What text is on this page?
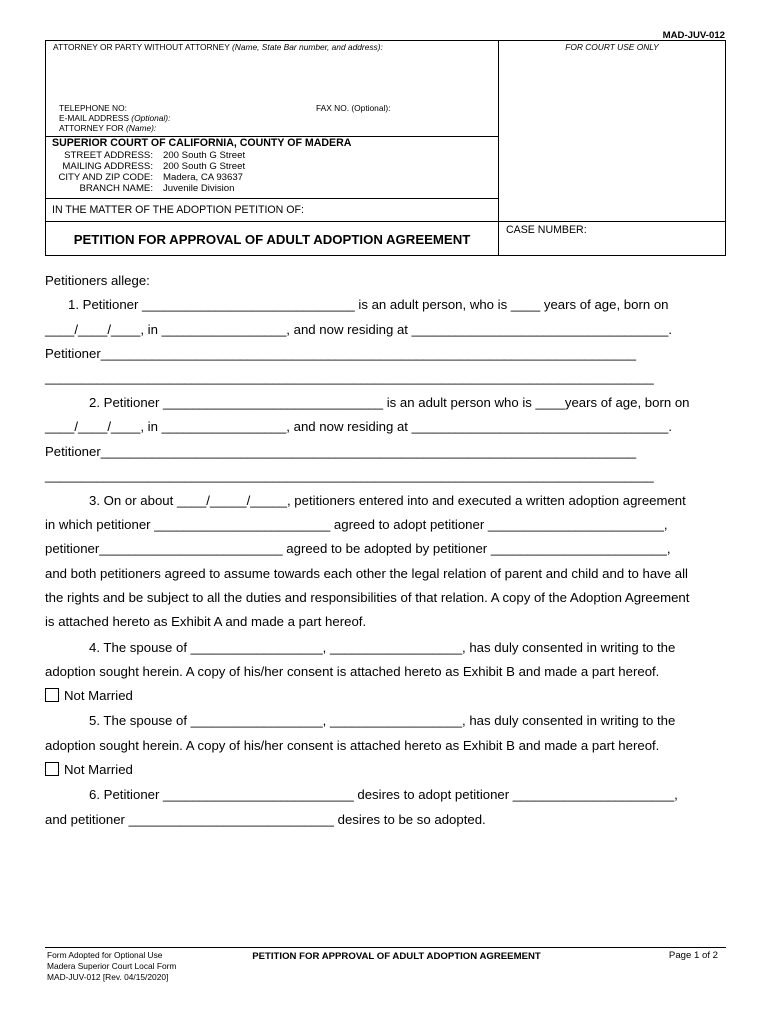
MAD-JUV-012
ATTORNEY OR PARTY WITHOUT ATTORNEY (Name, State Bar number, and address):	FOR COURT USE ONLY
TELEPHONE NO:	FAX NO. (Optional):
E-MAIL ADDRESS (Optional):
ATTORNEY FOR (Name):
SUPERIOR COURT OF CALIFORNIA, COUNTY OF MADERA
STREET ADDRESS: 200 South G Street
MAILING ADDRESS: 200 South G Street
CITY AND ZIP CODE: Madera, CA 93637
BRANCH NAME: Juvenile Division
IN THE MATTER OF THE ADOPTION PETITION OF:
PETITION FOR APPROVAL OF ADULT ADOPTION AGREEMENT
CASE NUMBER:
Petitioners allege:
1. Petitioner _____________________________ is an adult person, who is ____ years of age, born on
____/____/____, in _________________, and now residing at ___________________________________.
Petitioner_________________________________________________________________________
___________________________________________________________________________________
2. Petitioner ______________________________ is an adult person who is ____years of age, born on
____/____/____, in _________________, and now residing at ___________________________________.
Petitioner_________________________________________________________________________
___________________________________________________________________________________
3. On or about ____/_____/_____, petitioners entered into and executed a written adoption agreement
in which petitioner ________________________ agreed to adopt petitioner ________________________,
petitioner_________________________ agreed to be adopted by petitioner ________________________,
and both petitioners agreed to assume towards each other the legal relation of parent and child and to have all
the rights and be subject to all the duties and responsibilities of that relation. A copy of the Adoption Agreement
is attached hereto as Exhibit A and made a part hereof.
4. The spouse of __________________, __________________, has duly consented in writing to the
adoption sought herein. A copy of his/her consent is attached hereto as Exhibit B and made a part hereof.
Not Married
5. The spouse of __________________, __________________, has duly consented in writing to the
adoption sought herein. A copy of his/her consent is attached hereto as Exhibit B and made a part hereof.
Not Married
6. Petitioner __________________________ desires to adopt petitioner ______________________,
and petitioner ____________________________ desires to be so adopted.
Form Adopted for Optional Use
Madera Superior Court Local Form
MAD-JUV-012 [Rev. 04/15/2020]
PETITION FOR APPROVAL OF ADULT ADOPTION AGREEMENT	Page 1 of 2
